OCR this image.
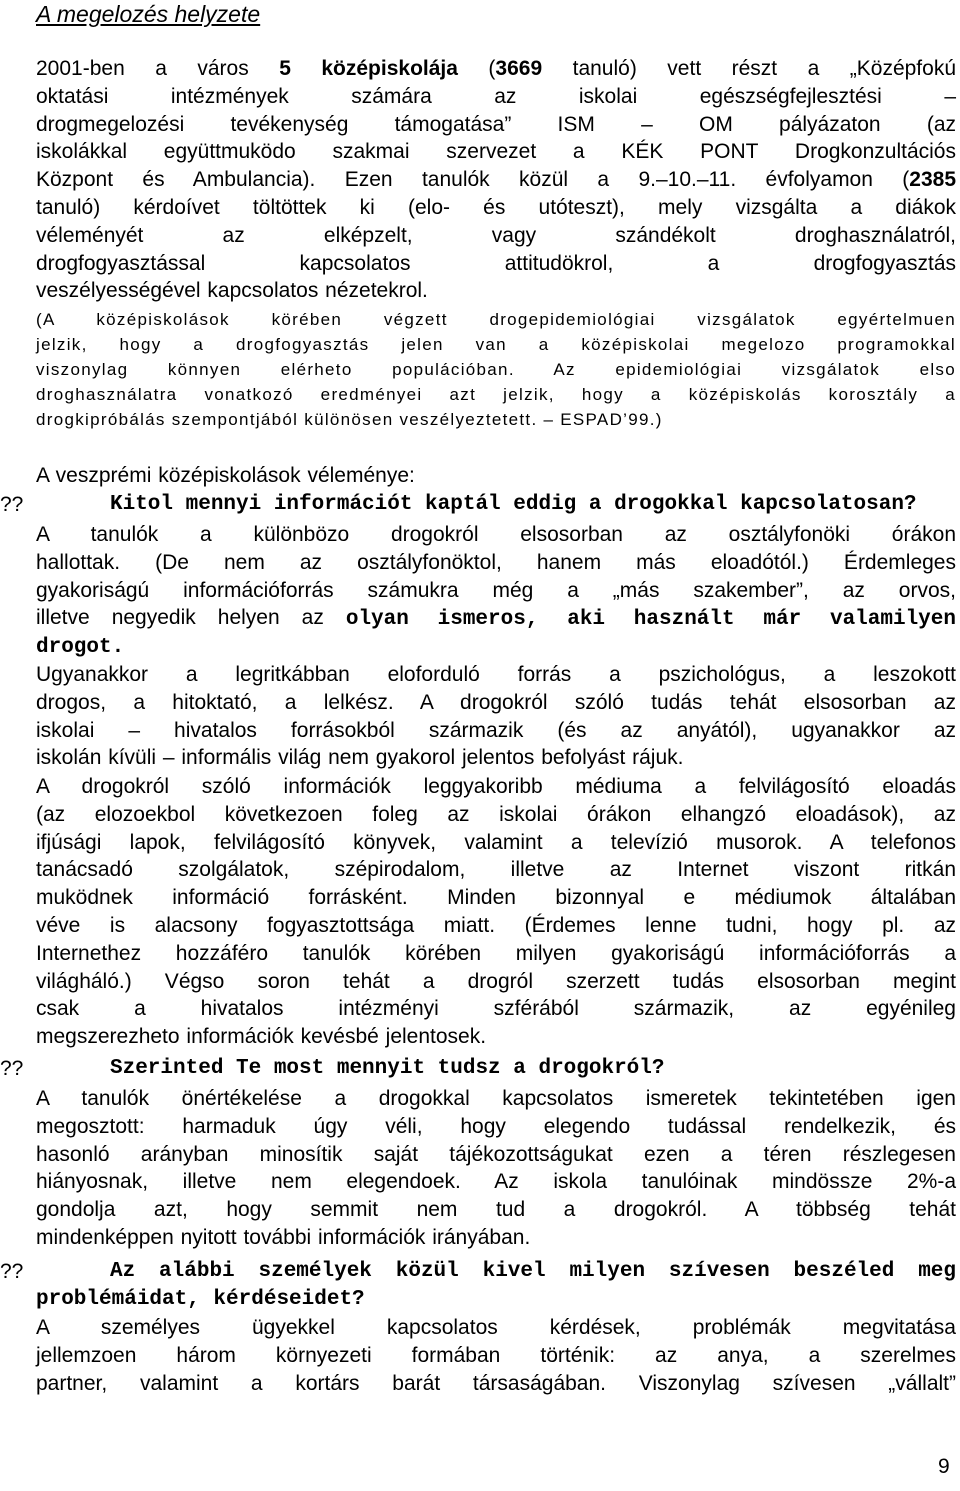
A megelozés helyzete
2001-ben a város 5 középiskolája (3669 tanuló) vett részt a „Középfokú
oktatási intézmények számára az iskolai egészségfejlesztési –
drogmegelozési tevékenység támogatása” ISM – OM pályázaton (az
iskolákkal együttmuködo szakmai szervezet a KÉK PONT Drogkonzultációs
Központ és Ambulancia). Ezen tanulók közül a 9.–10.–11. évfolyamon (2385
tanuló) kérdoívet töltöttek ki (elo- és utóteszt), mely vizsgálta a diákok
véleményét az elképzelt, vagy szándékolt droghasználatról,
drogfogyasztással kapcsolatos attitudökrol, a drogfogyasztás
veszélyességével kapcsolatos nézetekrol.
(A középiskolások körében végzett drogepidemiológiai vizsgálatok egyértelmuen
jelzik, hogy a drogfogyasztás jelen van a középiskolai megelozo programokkal
viszonylag könnyen elérheto populációban. Az epidemiológiai vizsgálatok elso
droghasználatra vonatkozó eredményei azt jelzik, hogy a középiskolás korosztály a
drogkipróbálás szempontjából különösen veszélyeztetett. – ESPAD’99.)
A veszprémi középiskolások véleménye:
??	Kitol mennyi információt kaptál eddig a drogokkal kapcsolatosan?
A tanulók a különbözo drogokról elsosorban az osztályfonöki órákon
hallottak. (De nem az osztályfonöktol, hanem más eloadótól.) Érdemleges
gyakoriságú információforrás számukra még a „más szakember”, az orvos,
illetve negyedik helyen az olyan ismeros, aki használt már valamilyen
drogot.
Ugyanakkor a legritkábban eloforduló forrás a pszichológus, a leszokott
drogos, a hitoktató, a lelkész. A drogokról szóló tudás tehát elsosorban az
iskolai – hivatalos forrásokból származik (és az anyától), ugyanakkor az
iskolán kívüli – informális világ nem gyakorol jelentos befolyást rájuk.
A drogokról szóló információk leggyakoribb médiuma a felvilágosító eloadás
(az elozoekbol következoen foleg az iskolai órákon elhangzó eloadások), az
ifjúsági lapok, felvilágosító könyvek, valamint a televízió musorok. A telefonos
tanácsadó szolgálatok, szépirodalom, illetve az Internet viszont ritkán
muködnek információ forrásként. Minden bizonnyal e médiumok általában
véve is alacsony fogyasztottsága miatt. (Érdemes lenne tudni, hogy pl. az
Internethez hozzáféro tanulók körében milyen gyakoriságú információforrás a
világháló.) Végso soron tehát a drogról szerzett tudás elsosorban megint
csak a hivatalos intézményi szférából származik, az egyénileg
megszerezheto információk kevésbé jelentosek.
??	Szerinted Te most mennyit tudsz a drogokról?
A tanulók önértékelése a drogokkal kapcsolatos ismeretek tekintetében igen
megosztott: harmaduk úgy véli, hogy elegendo tudással rendelkezik, és
hasonló arányban minosítik saját tájékozottságukat ezen a téren részlegesen
hiányosnak, illetve nem elegendoek. Az iskola tanulóinak mindössze 2%-a
gondolja azt, hogy semmit nem tud a drogokról. A többség tehát
mindenképpen nyitott további információk irányában.
??	Az alábbi személyek közül kivel milyen szívesen beszéled meg
problémáidat, kérdéseidet?
A személyes ügyekkel kapcsolatos kérdések, problémák megvitatása
jellemzoen három környezeti formában történik: az anya, a szerelmes
partner, valamint a kortárs barát társaságában. Viszonylag szívesen „vállalt”
9
